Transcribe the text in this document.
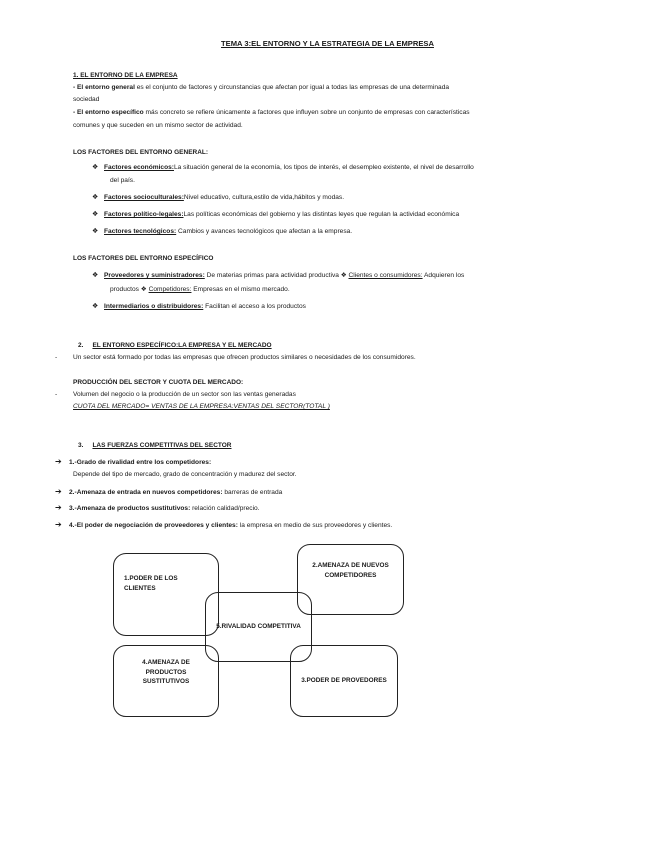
TEMA 3:EL ENTORNO Y LA ESTRATEGIA DE LA EMPRESA
1. EL ENTORNO DE LA EMPRESA
- El entorno general es el conjunto de factores y circunstancias que afectan por igual a todas las empresas de una determinada
sociedad
- El entorno específico más concreto se refiere únicamente a factores que influyen sobre un conjunto de empresas con características
comunes y que suceden en un mismo sector de actividad.
LOS FACTORES DEL ENTORNO GENERAL:
❖ Factores económicos:La situación general de la economía, los tipos de interés, el desempleo existente, el nivel de desarrollo
del país.
❖ Factores socioculturales:Nivel educativo, cultura,estilo de vida,hábitos y modas.
❖ Factores político-legales:Las políticas económicas del gobierno y las distintas leyes que regulan la actividad económica
❖ Factores tecnológicos: Cambios y avances tecnológicos que afectan a la empresa.
LOS FACTORES DEL ENTORNO ESPECÍFICO
❖ Proveedores y suministradores: De materias primas para actividad productiva ❖ Clientes o consumidores: Adquieren los
productos ❖ Competidores: Empresas en el mismo mercado.
❖ Intermediarios o distribuidores: Facilitan el acceso a los productos
2. EL ENTORNO ESPECÍFICO:LA EMPRESA Y EL MERCADO
- Un sector está formado por todas las empresas que ofrecen productos similares o necesidades de los consumidores.
PRODUCCIÓN DEL SECTOR Y CUOTA DEL MERCADO:
- Volumen del negocio o la producción de un sector son las ventas generadas
CUOTA DEL MERCADO= VENTAS DE LA EMPRESA:VENTAS DEL SECTOR(TOTAL )
3. LAS FUERZAS COMPETITIVAS DEL SECTOR
➔ 1.-Grado de rivalidad entre los competidores:
Depende del tipo de mercado, grado de concentración y madurez del sector.
➔ 2.-Amenaza de entrada en nuevos competidores: barreras de entrada
➔ 3.-Amenaza de productos sustitutivos: relación calidad/precio.
➔ 4.-El poder de negociación de proveedores y clientes: la empresa en medio de sus proveedores y clientes.
1.PODER DE LOS CLIENTES
2.AMENAZA DE NUEVOS COMPETIDORES
5.RIVALIDAD COMPETITIVA
4.AMENAZA DE PRODUCTOS SUSTITUTIVOS	3.PODER DE PROVEDORES
